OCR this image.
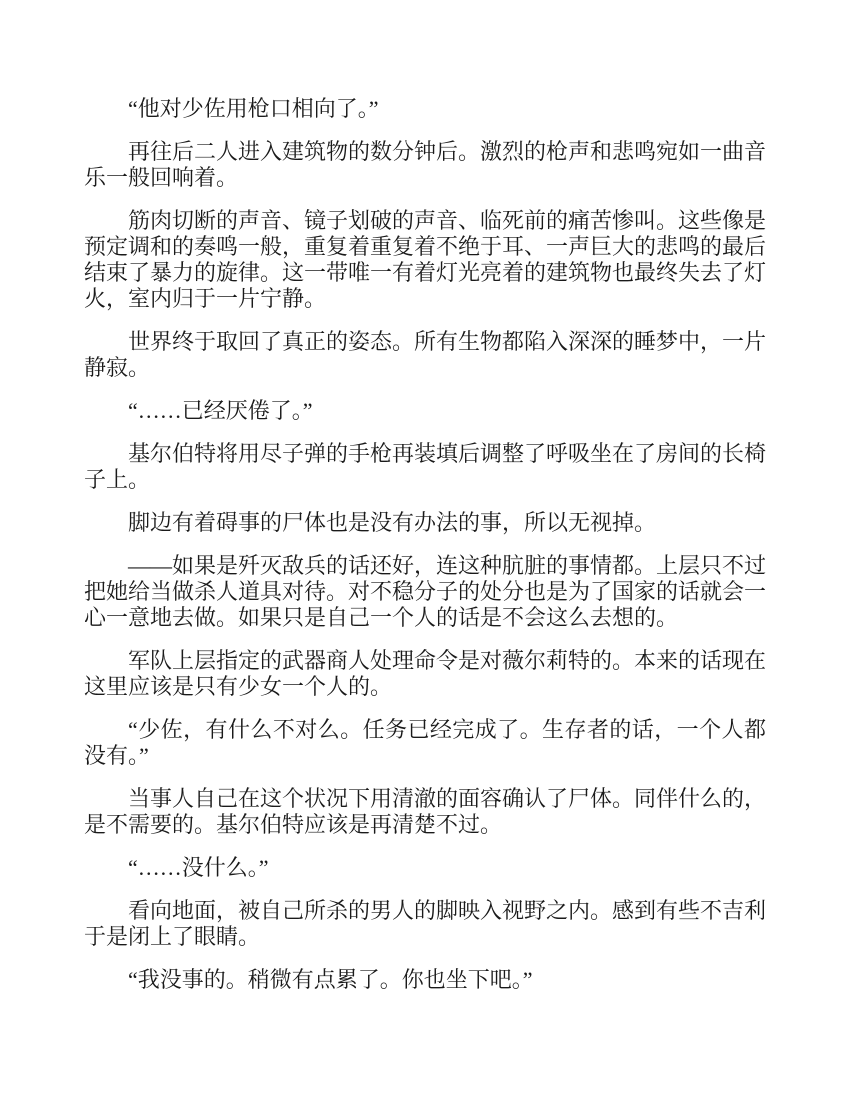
“他对少佐用枪口相向了。”

再往后二人进入建筑物的数分钟后。激烈的枪声和悲鸣宛如一曲音乐一般回响着。

筋肉切断的声音、镜子划破的声音、临死前的痛苦惨叫。这些像是预定调和的奏鸣一般，重复着重复着不绝于耳、一声巨大的悲鸣的最后结束了暴力的旋律。这一带唯一有着灯光亮着的建筑物也最终失去了灯火，室内归于一片宁静。

世界终于取回了真正的姿态。所有生物都陷入深深的睡梦中，一片静寂。

“……已经厌倦了。”

基尔伯特将用尽子弹的手枪再装填后调整了呼吸坐在了房间的长椅子上。

脚边有着碍事的尸体也是没有办法的事，所以无视掉。

——如果是歼灭敌兵的话还好，连这种肮脏的事情都。上层只不过把她给当做杀人道具对待。对不稳分子的处分也是为了国家的话就会一心一意地去做。如果只是自己一个人的话是不会这么去想的。

军队上层指定的武器商人处理命令是对薇尔莉特的。本来的话现在这里应该是只有少女一个人的。

“少佐，有什么不对么。任务已经完成了。生存者的话，一个人都没有。”

当事人自己在这个状况下用清澈的面容确认了尸体。同伴什么的，是不需要的。基尔伯特应该是再清楚不过。

“……没什么。”

看向地面，被自己所杀的男人的脚映入视野之内。感到有些不吉利于是闭上了眼睛。

“我没事的。稍微有点累了。你也坐下吧。”
